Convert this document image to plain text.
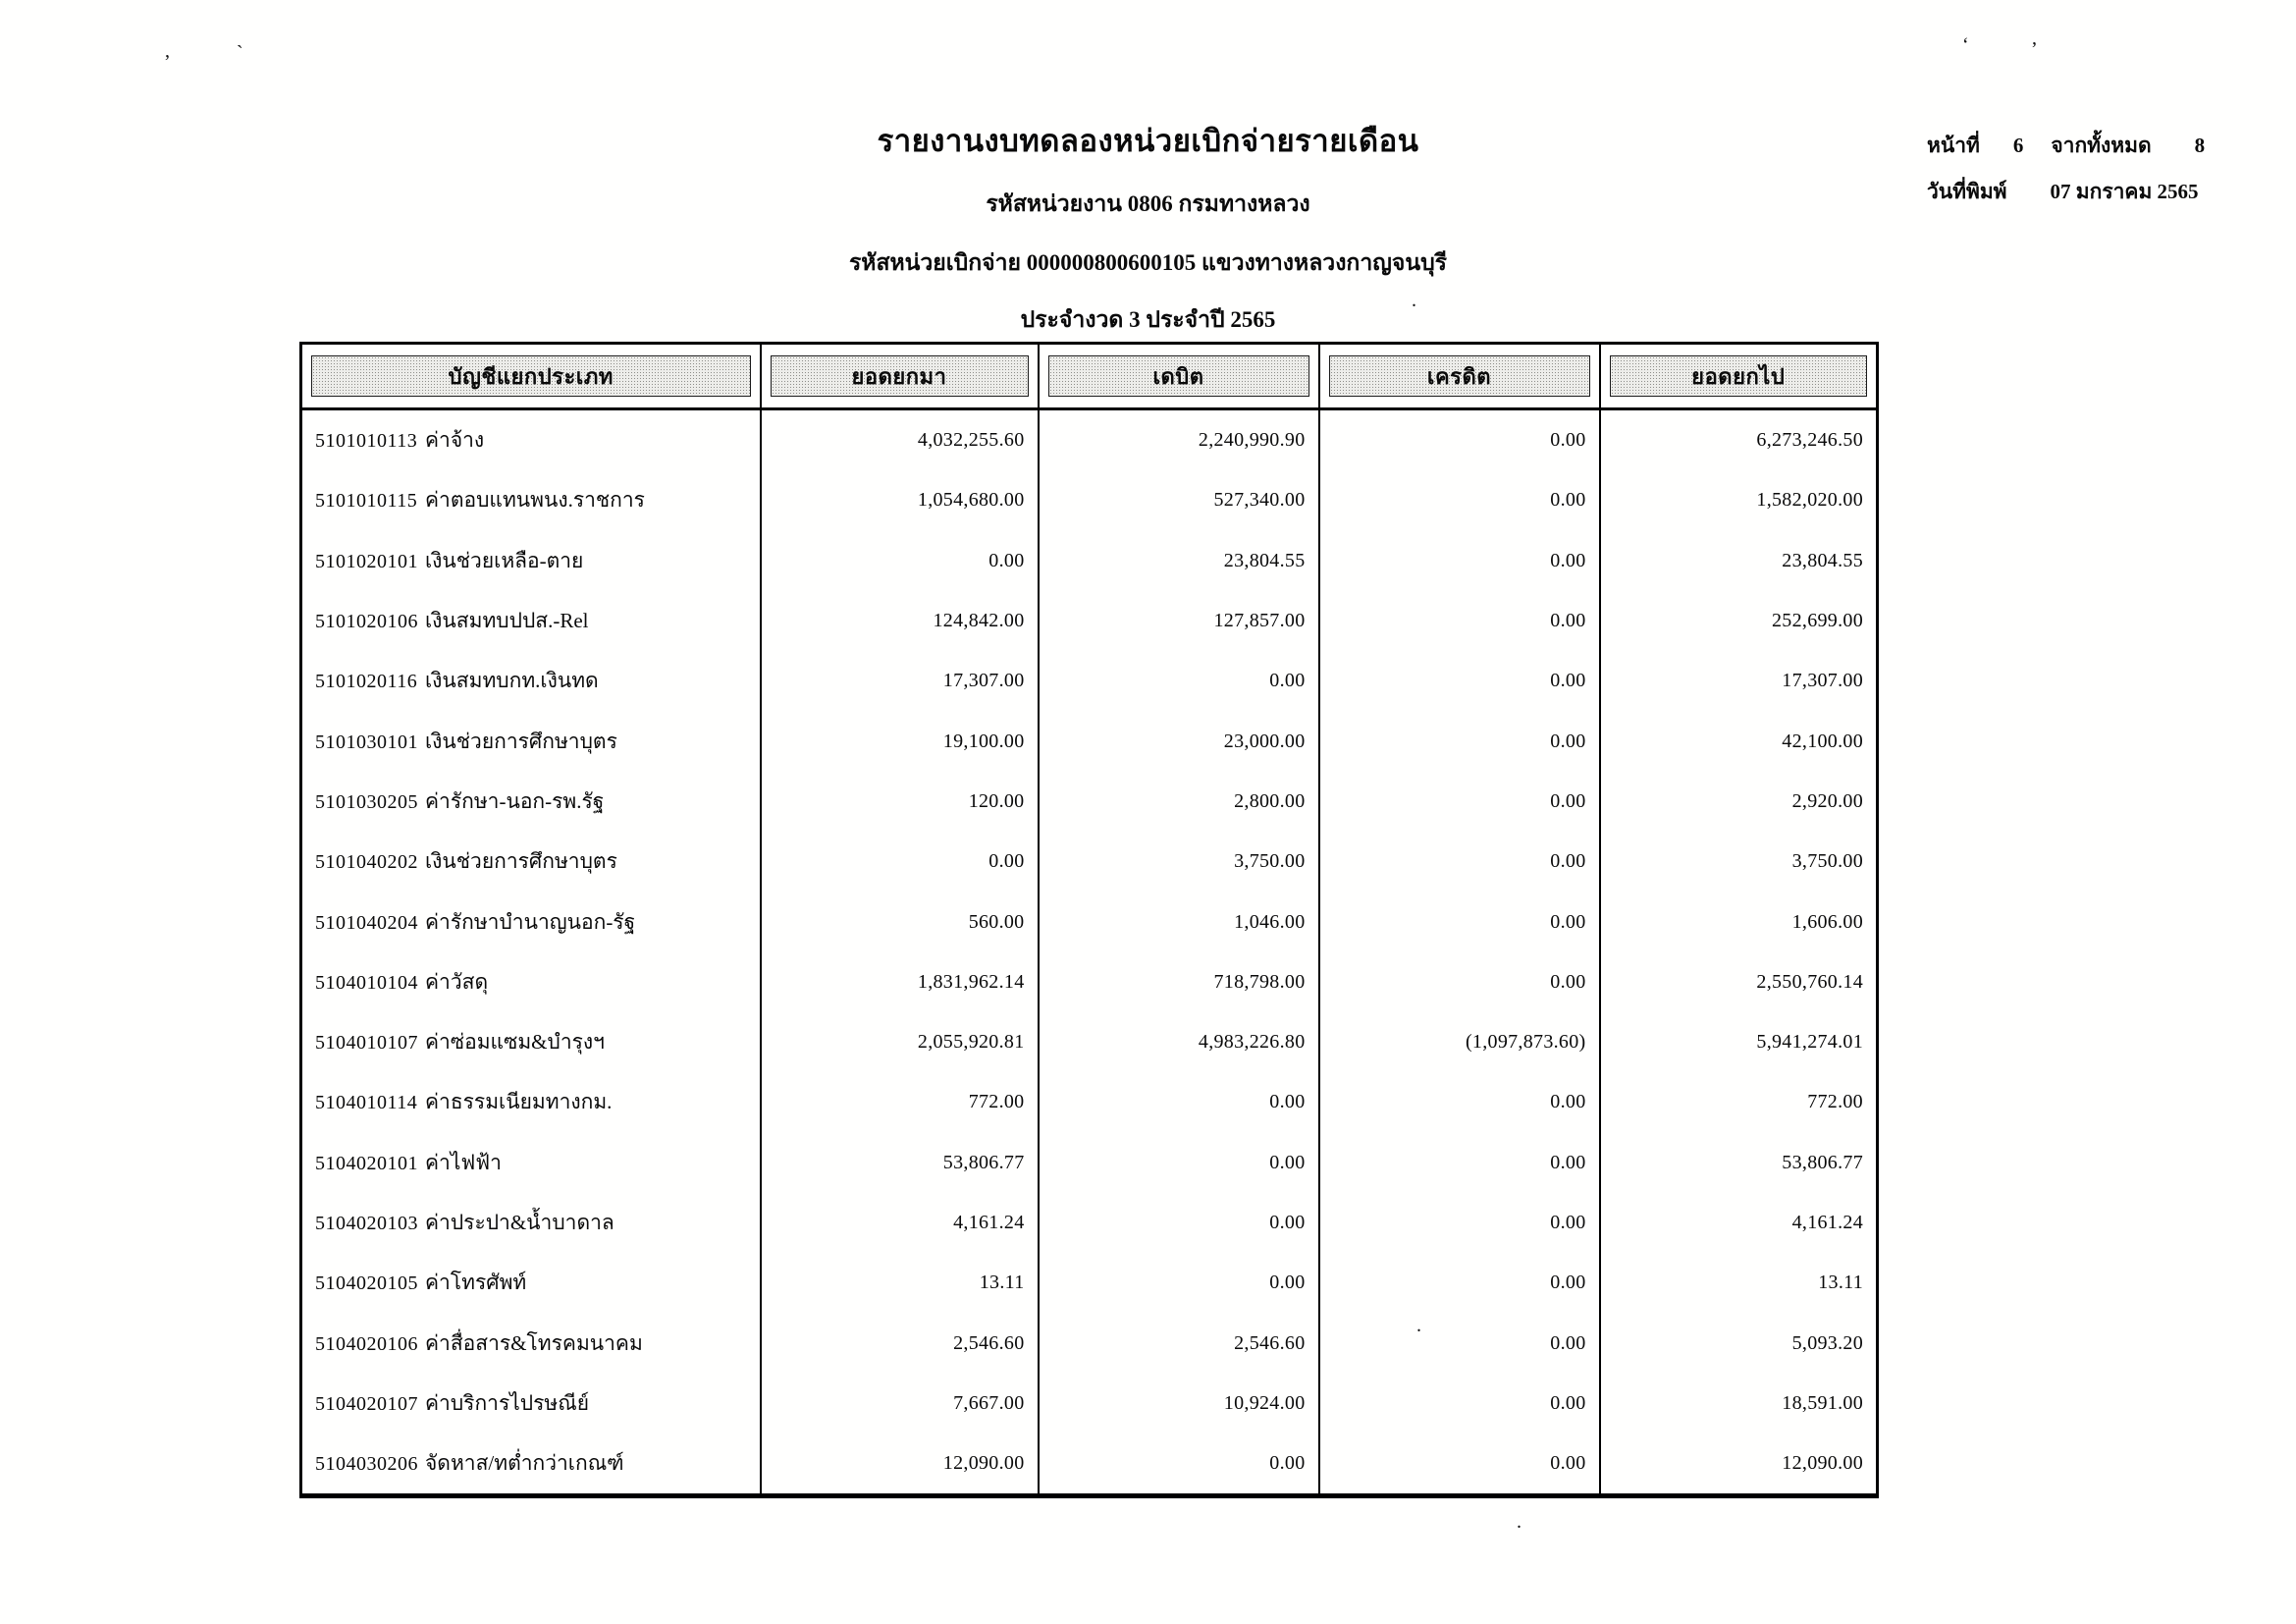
รายงานงบทดลองหน่วยเบิกจ่ายรายเดือน
รหัสหน่วยงาน 0806 กรมทางหลวง
รหัสหน่วยเบิกจ่าย 000000800600105 แขวงทางหลวงกาญจนบุรี
ประจำงวด 3 ประจำปี 2565
หน้าที่ 6 จากทั้งหมด 8
วันที่พิมพ์ 07 มกราคม 2565
บัญชีแยกประเภท	ยอดยกมา	เดบิต	เครดิต	ยอดยกไป

5101010113 ค่าจ้าง	4,032,255.60	2,240,990.90	0.00	6,273,246.50
5101010115 ค่าตอบแทนพนง.ราชการ	1,054,680.00	527,340.00	0.00	1,582,020.00
5101020101 เงินช่วยเหลือ-ตาย	0.00	23,804.55	0.00	23,804.55
5101020106 เงินสมทบปปส.-Rel	124,842.00	127,857.00	0.00	252,699.00
5101020116 เงินสมทบกท.เงินทด	17,307.00	0.00	0.00	17,307.00
5101030101 เงินช่วยการศึกษาบุตร	19,100.00	23,000.00	0.00	42,100.00
5101030205 ค่ารักษา-นอก-รพ.รัฐ	120.00	2,800.00	0.00	2,920.00
5101040202 เงินช่วยการศึกษาบุตร	0.00	3,750.00	0.00	3,750.00
5101040204 ค่ารักษาบำนาญนอก-รัฐ	560.00	1,046.00	0.00	1,606.00
5104010104 ค่าวัสดุ	1,831,962.14	718,798.00	0.00	2,550,760.14
5104010107 ค่าซ่อมแซม&บำรุงฯ	2,055,920.81	4,983,226.80	(1,097,873.60)	5,941,274.01
5104010114 ค่าธรรมเนียมทางกม.	772.00	0.00	0.00	772.00
5104020101 ค่าไฟฟ้า	53,806.77	0.00	0.00	53,806.77
5104020103 ค่าประปา&น้ำบาดาล	4,161.24	0.00	0.00	4,161.24
5104020105 ค่าโทรศัพท์	13.11	0.00	0.00	13.11
5104020106 ค่าสื่อสาร&โทรคมนาคม	2,546.60	2,546.60	0.00	5,093.20
5104020107 ค่าบริการไปรษณีย์	7,667.00	10,924.00	0.00	18,591.00
5104030206 จัดหาส/ทต่ำกว่าเกณฑ์	12,090.00	0.00	0.00	12,090.00
,	`	‘	’
.
.
.
